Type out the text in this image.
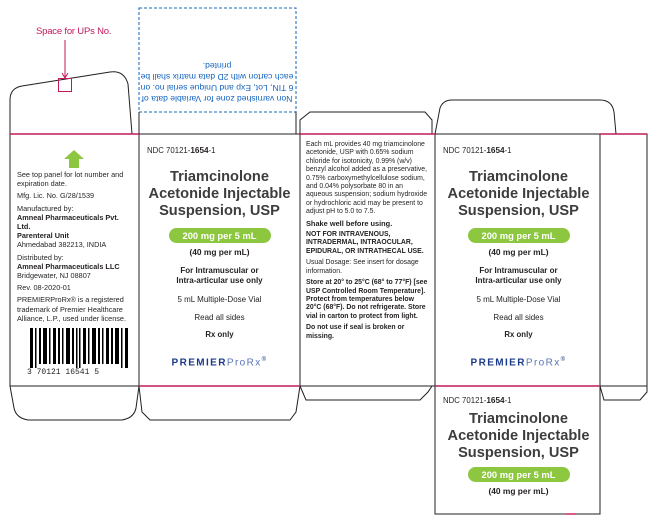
Space for UPs No.
Non varnished zone for Variable data of 6 TIN, Lot, Exp and Unique serial no. on each carton with 2D data matrix shall be printed.

See top panel for lot number and expiration date.

Mfg. Lic. No. G/28/1539

Manufactured by:

Amneal Pharmaceuticals Pvt. Ltd.

Parenteral Unit

Ahmedabad 382213, INDIA

Distributed by:

Amneal Pharmaceuticals LLC

Bridgewater, NJ 08807

Rev. 08-2020-01

PREMIERProRx® is a registered trademark of Premier Healthcare Alliance, L.P., used under license.

3 70121 16541 5
NDC 70121-1654-1
Triamcinolone
Acetonide Injectable
Suspension, USP
200 mg per 5 mL
(40 mg per mL)
For Intramuscular or
Intra-articular use only
5 mL Multiple-Dose Vial
Read all sides
Rx only
PREMIERProRx®

Each mL provides 40 mg triamcinolone acetonide, USP with 0.65% sodium chloride for isotonicity, 0.99% (w/v) benzyl alcohol added as a preservative, 0.75% carboxymethylcellulose sodium, and 0.04% polysorbate 80 in an aqueous suspension; sodium hydroxide or hydrochloric acid may be present to adjust pH to 5.0 to 7.5.

Shake well before using.

NOT FOR INTRAVENOUS, INTRADERMAL, INTRAOCULAR, EPIDURAL, OR INTRATHECAL USE.

Usual Dosage: See insert for dosage information.

Store at 20° to 25°C (68° to 77°F) [see USP Controlled Room Temperature]. Protect from temperatures below 20°C (68°F). Do not refrigerate. Store vial in carton to protect from light.

Do not use if seal is broken or missing.

NDC 70121-1654-1
Triamcinolone
Acetonide Injectable
Suspension, USP
200 mg per 5 mL
(40 mg per mL)
For Intramuscular or
Intra-articular use only
5 mL Multiple-Dose Vial
Read all sides
Rx only
PREMIERProRx®
NDC 70121-1654-1
Triamcinolone
Acetonide Injectable
Suspension, USP
200 mg per 5 mL
(40 mg per mL)
